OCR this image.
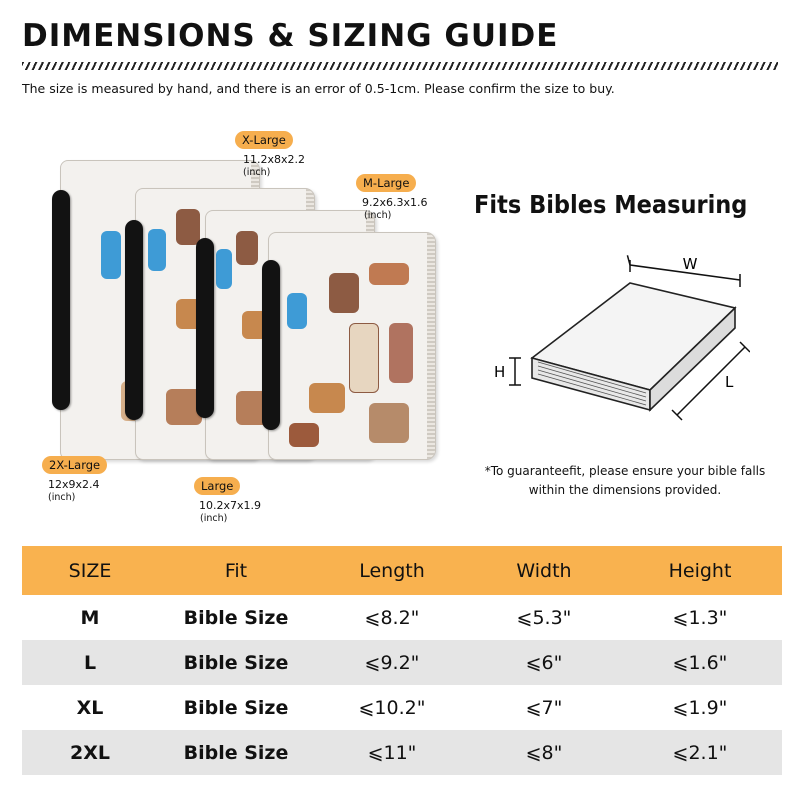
DIMENSIONS & SIZING GUIDE
The size is measured by hand, and there is an error of 0.5-1cm. Please confirm the size to buy.
X-Large
11.2x8x2.2
(inch)
M-Large
9.2x6.3x1.6
(inch)
2X-Large
12x9x2.4
(inch)
Large
10.2x7x1.9
(inch)
Fits Bibles Measuring
W
H
L
*To guaranteefit, please ensure your bible falls
within the dimensions provided.
SIZE	Fit	Length	Width	Height
M	Bible Size	⩽8.2"	⩽5.3"	⩽1.3"
L	Bible Size	⩽9.2"	⩽6"	⩽1.6"
XL	Bible Size	⩽10.2"	⩽7"	⩽1.9"
2XL	Bible Size	⩽11"	⩽8"	⩽2.1"
